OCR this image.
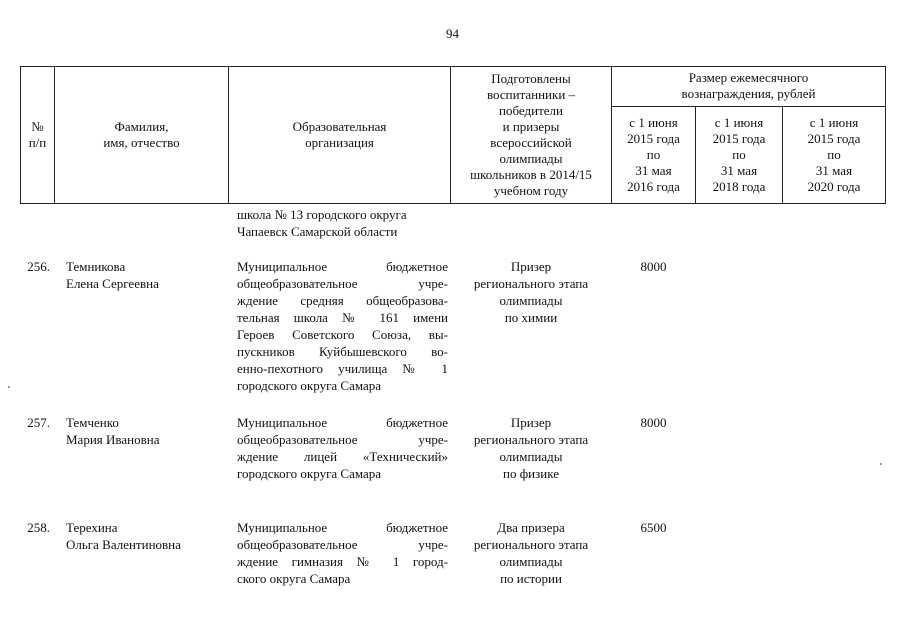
94
№
п/п
Фамилия,
имя, отчество
Образовательная
организация
Подготовлены
воспитанники –
победители
и призеры
всероссийской
олимпиады
школьников в 2014/15
учебном году
Размер ежемесячного
вознаграждения, рублей
с 1 июня
2015 года
по
31 мая
2016 года
с 1 июня
2015 года
по
31 мая
2018 года
с 1 июня
2015 года
по
31 мая
2020 года
школа № 13 городского округа
Чапаевск Самарской области
256. Темникова
Елена Сергеевна
Муниципальное бюджетное
общеобразовательное учре-
ждение средняя общеобразова-
тельная школа № 161 имени
Героев Советского Союза, вы-
пускников Куйбышевского во-
енно-пехотного училища № 1
городского округа Самара
Призер
регионального этапа
олимпиады
по химии
8000
257. Темченко
Мария Ивановна
Муниципальное бюджетное
общеобразовательное учре-
ждение лицей «Технический»
городского округа Самара
Призер
регионального этапа
олимпиады
по физике
8000
258. Терехина
Ольга Валентиновна
Муниципальное бюджетное
общеобразовательное учре-
ждение гимназия № 1 город-
ского округа Самара
Два призера
регионального этапа
олимпиады
по истории
6500
